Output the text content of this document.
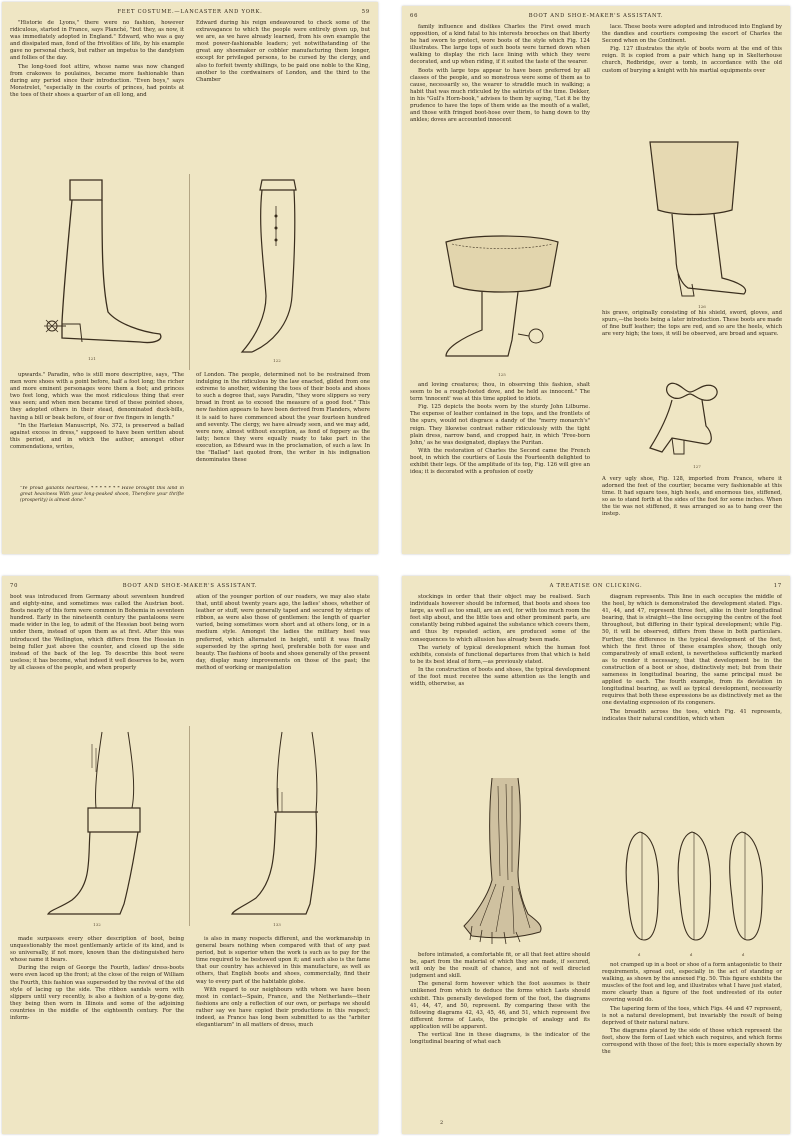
FEET COSTUME.—LANCASTER AND YORK.	59

"Historie de Lyons," there were no fashion, however ridiculous, started in France, says Planché, "but they, as now, it was immediately adopted in England." Edward, who was a gay and dissipated man, fond of the frivolities of life, by his example gave no personal check, but rather an impetus to the dandyism and follies of the day.

The long-toed foot attire, whose name was now changed from crakowes to poulaines, became more fashionable than during any period since their introduction. "Even boys," says Monstrelet, "especially in the courts of princes, had points at the toes of their shoes a quarter of an ell long, and

Edward during his reign endeavoured to check some of the extravagance to which the people were entirely given up, but we are, as we have already learned, from his own example the most power-fashionable leaders; yet notwithstanding of the great any shoemaker or cobbler manufacturing them longer, except for privileged persons, to be cursed by the clergy, and also to forfeit twenty shillings, to be paid one noble to the King, another to the cordwainers of London, and the third to the Chamber
121	122

upwards." Paradin, who is still more descriptive, says, "The men wore shoes with a point before, half a foot long; the richer and more eminent personages wore them a foot; and princes two feet long, which was the most ridiculous thing that ever was seen; and when men became tired of these pointed shoes, they adopted others in their stead, denominated duck-bills, having a bill or beak before, of four or five fingers in length."

"In the Harleian Manuscript, No. 372, is preserved a ballad against excess in dress," supposed to have been written about this period, and in which the author, amongst other commendations, writes,

"Ye proud gallants heartless, * * * * * * * Have brought this land in great heaviness With your long-peaked shoon, Therefore your thrifte (prosperity) is almost done."
of London. The people, determined not to be restrained from indulging in the ridiculous by the law enacted, glided from one extreme to another, widening the toes of their boots and shoes to such a degree that, says Paradin, "they wore slippers so very broad in front as to exceed the measure of a good foot." This new fashion appears to have been derived from Flanders, where it is said to have commenced about the year fourteen hundred and seventy. The clergy, we have already seen, and we may add, were now, almost without exception, as fond of foppery as the laity; hence they were equally ready to take part in the execution, as Edward was in the proclamation, of such a law. In the "Ballad" last quoted from, the writer in his indignation denominates these
66	BOOT AND SHOE-MAKER'S ASSISTANT.

family influence and dislikes Charles the First owed much opposition, of a kind fatal to his interests brooches on that liberty he had sworn to protect, wore boots of the style which Fig. 124 illustrates. The large tops of such boots were turned down when walking to display the rich lace lining with which they were decorated, and up when riding, if it suited the taste of the wearer.

Boots with large tops appear to have been preferred by all classes of the people, and so monstrous were some of them as to cause, necessarily so, the wearer to straddle much in walking; a habit that was much ridiculed by the satirists of the time. Dekker, in his "Gull's Horn-book," advises to them by saying, "Let it be thy prudence to have the tops of them wide as the mouth of a wallet, and those with fringed boot-hose over them, to hang down to thy ankles; doves are accounted innocent

125

and loving creatures; thou, in observing this fashion, shalt seem to be a rough-footed dove, and be held as innocent." The term 'innocent' was at this time applied to idiots.

Fig. 125 depicts the boots worn by the sturdy John Lilburne. The expense of leather contained in the tops, and the frontlets of the spurs, would not disgrace a dandy of the "merry monarch's" reign. They likewise contrast rather ridiculously with the tight plain dress, narrow band, and cropped hair, in which 'Free-born John,' as he was designated, displays the Puritan.

With the restoration of Charles the Second came the French boot, in which the courtiers of Louis the Fourteenth delighted to exhibit their legs. Of the amplitude of its top, Fig. 126 will give an idea; it is decorated with a profusion of costly

lace. These boots were adopted and introduced into England by the dandies and courtiers composing the escort of Charles the Second when on the Continent.

Fig. 127 illustrates the style of boots worn at the end of this reign. It is copied from a pair which hang up in Skelterhouse church, Redbridge, over a tomb, in accordance with the old custom of burying a knight with his martial equipments over

126
his grave, originally consisting of his shield, sword, gloves, and spurs,—the boots being a later introduction. These boots are made of fine buff leather; the tops are red, and so are the heels, which are very high; the toes, it will be observed, are broad and square.
127
A very ugly shoe, Fig. 128, imported from France, where it adorned the feet of the courtier, became very fashionable at this time. It had square toes, high heels, and enormous ties, stiffened, so as to stand forth at the sides of the foot for some inches. When the tie was not stiffened, it was arranged so as to hang over the instep.
70	BOOT AND SHOE-MAKER'S ASSISTANT.
boot was introduced from Germany about seventeen hundred and eighty-nine, and sometimes was called the Austrian boot. Boots nearly of this form were common in Bohemia in seventeen hundred. Early in the nineteenth century the pantaloons were made wider in the leg, to admit of the Hessian boot being worn under them, instead of upon them as at first. After this was introduced the Wellington, which differs from the Hessian in being fuller just above the counter, and closed up the side instead of the back of the leg. To describe this boot were useless; it has become, what indeed it well deserves to be, worn by all classes of the people, and when properly
ation of the younger portion of our readers, we may also state that, until about twenty years ago, the ladies' shoes, whether of leather or stuff, were generally taped and secured by strings of ribbon, as were also those of gentlemen: the length of quarter varied, being sometimes worn short and at others long, or in a medium style. Amongst the ladies the military heel was preferred, which alternated in height, until it was finally superseded by the spring heel, preferable both for ease and beauty. The fashions of boots and shoes generally of the present day, display many improvements on those of the past; the method of working or manipulation
132	133

made surpasses every other description of boot, being unquestionably the most gentlemanly article of its kind, and is so universally, if not more, known than the distinguished hero whose name it bears.

During the reign of George the Fourth, ladies' dress-boots were even laced up the front; at the close of the reign of William the Fourth, this fashion was superseded by the revival of the old style of lacing up the side. The ribbon sandals worn with slippers until very recently, is also a fashion of a by-gone day, they being then worn in Illinois and some of the adjoining countries in the middle of the eighteenth century. For the inform-

is also in many respects different, and the workmanship in general bears nothing when compared with that of any past period, but is superior when the work is such as to pay for the time required to be bestowed upon it; and such also is the fame that our country has achieved in this manufacture, as well as others, that English boots and shoes, commercially, find their way to every part of the habitable globe.

With regard to our neighbours with whom we have been most in contact—Spain, France, and the Netherlands—their fashions are only a reflection of our own, or perhaps we should rather say we have copied their productions in this respect; indeed, as France has long been submitted to as the "arbiter elegantiarum" in all matters of dress, much

A TREATISE ON CLICKING.	17

stockings in order that their object may be realised. Such individuals however should be informed, that boots and shoes too large, as well as too small, are an evil, for with too much room the feet slip about, and the little toes and other prominent parts, are constantly being rubbed against the substance which covers them, and thus by repeated action, are produced some of the consequences to which allusion has already been made.

The variety of typical development which the human foot exhibits, consists of functional departures from that which is held to be its best ideal of form,—as previously stated.

In the construction of boots and shoes, the typical development of the foot must receive the same attention as the length and width, otherwise, as

before intimated, a comfortable fit, or all that feet attire should be, apart from the material of which they are made, if secured, will only be the result of chance, and not of well directed judgment and skill.

The general form however which the foot assumes is their unlikened from which to deduce the forms which Lasts should exhibit. This generally developed form of the foot, the diagrams 41, 44, 47, and 50, represent. By comparing these with the following diagrams 42, 43, 45, 46, and 51, which represent five different forms of Lasts, the principle of analogy and its application will be apparent.

The vertical line in these diagrams, is the indicator of the longitudinal bearing of what each

2

diagram represents. This line in each occupies the middle of the heel, by which is demonstrated the development stated. Figs. 41, 44, and 47, represent three feet, alike in their longitudinal bearing, that is straight—the line occupying the centre of the foot throughout, but differing in their typical development; while Fig. 50, it will be observed, differs from these in both particulars. Further, the difference in the typical development of the feet, which the first three of these examples show, though only comparatively of small extent, is nevertheless sufficiently marked as to render it necessary, that that development be in the construction of a boot or shoe, distinctively met; but from their sameness in longitudinal bearing, the same principal must be applied to each. The fourth example, from its deviation in longitudinal bearing, as well as typical development, necessarily requires that both these expressions be as distinctively met as the one deviating expression of its congeners.

The breadth across the toes, which Fig. 41 represents, indicates their natural condition, which when

d	d	d

not cramped up in a boot or shoe of a form antagonistic to their requirements, spread out, especially in the act of standing or walking, as shown by the annexed Fig. 50. This figure exhibits the muscles of the foot and leg, and illustrates what I have just stated, more clearly than a figure of the foot undivested of its outer covering would do.

The tapering form of the toes, which Figs. 44 and 47 represent, is not a natural development, but invariably the result of being deprived of their natural nature.

The diagrams placed by the side of those which represent the feet, show the form of Last which each requires, and which forms correspond with those of the feet; this is more especially shown by the
